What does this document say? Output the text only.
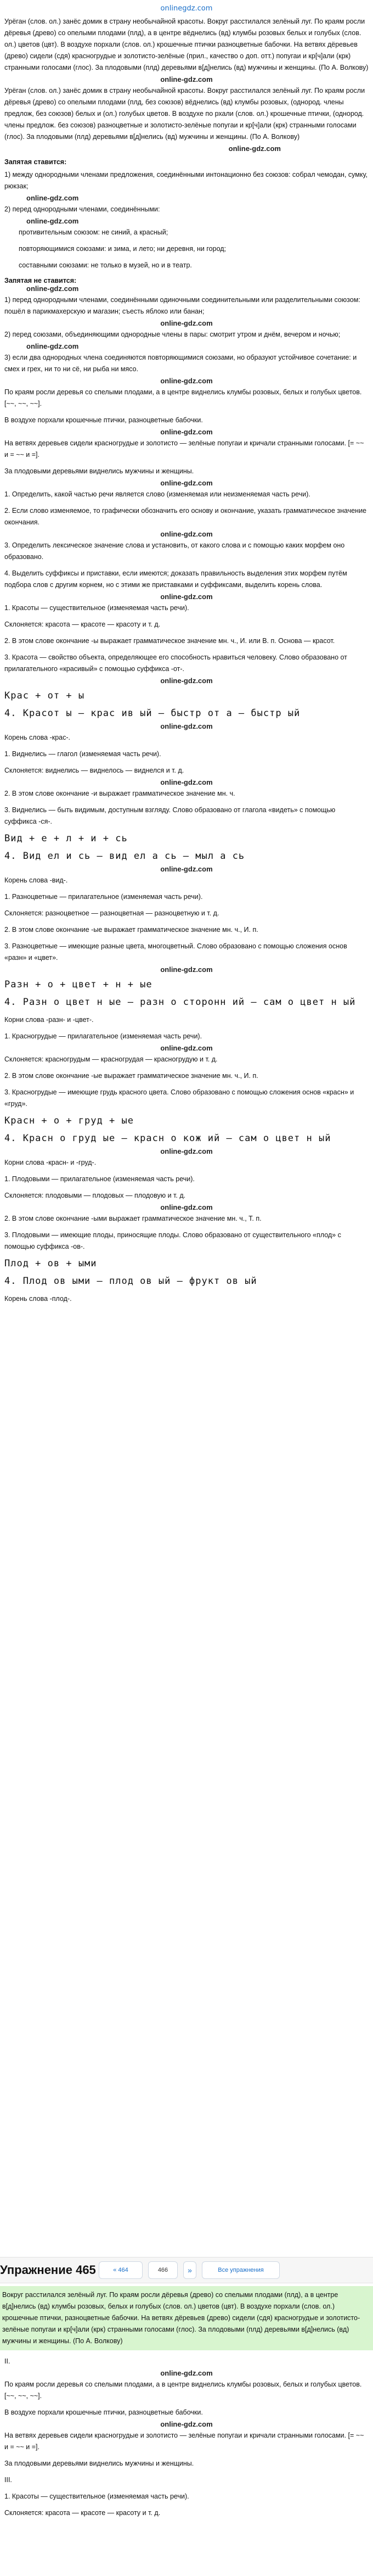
onlinegdz.com

Урёган (слов. ол.) занёс домик в страну необычайной красоты. Вокруг расстилался зелёный луг. По краям росли дёревья (древо) со опелыми плодами (плд), а в центре вёднелись (вд) клумбы розовых белых и голубых (слов. ол.) цветов (цвт). В воздухе порхали (слов. ол.) крошечные птички разноцветные бабочки. На ветвях дёревьев (древо) сидели (сдя) красногрудые и золотисто-зелёные (прил., качество о доп. отт.) попугаи и кр[ч]али (крк) странными голосами (глос). За плодовыми (плд) деревьями в[д]нелись (вд) мужчины и женщины. (По А. Волкову)

online-gdz.com

Урёган (слов. ол.) занёс домик в страну необычайной красоты. Вокруг расстилался зелёный луг. По краям росли дёревья (древо) со опелыми плодами (плд, без союзов) вёднелись (вд) клумбы розовых, (однород. члены предлож, без союзов) белых и (ол.) голубых цветов. В воздухе по рхали (слов. ол.) крошечные птички, (однород. члены предлож. без союзов) разноцветные и золотисто-зелёные попугаи и кр[ч]али (крк) странными голосами (глос). За плодовыми (плд) деревьями в[д]нелись (вд) мужчины и женщины. (По А. Волкову)

online-gdz.com
Запятая ставится:

1) между однородными членами предложения, соединёнными интонационно без союзов: собрал чемодан, сумку, рюкзак;

online-gdz.com

2) перед однородными членами, соединёнными:

online-gdz.com

противительным союзом: не синий, а красный;

повторяющимися союзами: и зима, и лето; ни деревня, ни город;

составными союзами: не только в музей, но и в театр.

Запятая не ставится:
online-gdz.com

1) перед однородными членами, соединёнными одиночными соединительными или разделительными союзом: пошёл в парикмахерскую и магазин; съесть яблоко или банан;

online-gdz.com

2) перед союзами, объединяющими однородные члены в пары: смотрит утром и днём, вечером и ночью;

online-gdz.com

3) если два однородных члена соединяются повторяющимися союзами, но образуют устойчивое сочетание: и смех и грех, ни то ни сё, ни рыба ни мясо.

online-gdz.com

По краям росли деревья со спелыми плодами, а в центре виднелись клумбы розовых, белых и голубых цветов. [~~, ~~, ~~].

В воздухе порхали крошечные птички, разноцветные бабочки.

online-gdz.com

На ветвях деревьев сидели красногрудые и золотисто — зелёные попугаи и кричали странными голосами. [= ~~ и = ~~ и =].

За плодовыми деревьями виднелись мужчины и женщины.

online-gdz.com

1. Определить, какой частью речи является слово (изменяемая или неизменяемая часть речи).

2. Если слово изменяемое, то графически обозначить его основу и окончание, указать грамматическое значение окончания.

online-gdz.com

3. Определить лексическое значение слова и установить, от какого слова и с помощью каких морфем оно образовано.

4. Выделить суффиксы и приставки, если имеются; доказать правильность выделения этих морфем путём подбора слов с другим корнем, но с этими же приставками и суффиксами, выделить корень слова.

online-gdz.com

1. Красоты — существительное (изменяемая часть речи).

Склоняется: красота — красоте — красоту и т. д.

2. В этом слове окончание -ы выражает грамматическое значение мн. ч., И. или В. п. Основа — красот.

3. Красота — свойство объекта, определяющее его способность нравиться человеку. Слово образовано от прилагательного «красивый» с помощью суффикса -от-.

online-gdz.com
Крас + от + ы
4. Красот ы — крас ив ый — быстр от а — быстр ый
online-gdz.com

Корень слова -крас-.

1. Виднелись — глагол (изменяемая часть речи).

Склоняется: виднелись — виднелось — виднелся и т. д.

online-gdz.com

2. В этом слове окончание -и выражает грамматическое значение мн. ч.

3. Виднелись — быть видимым, доступным взгляду. Слово образовано от глагола «видеть» с помощью суффикса -ся-.

Вид + е + л + и + сь
4. Вид ел и сь — вид ел а сь — мыл а сь
online-gdz.com

Корень слова -вид-.

1. Разноцветные — прилагательное (изменяемая часть речи).

Склоняется: разноцветное — разноцветная — разноцветную и т. д.

2. В этом слове окончание -ые выражает грамматическое значение мн. ч., И. п.

3. Разноцветные — имеющие разные цвета, многоцветный. Слово образовано с помощью сложения основ «разн» и «цвет».

online-gdz.com
Разн + о + цвет + н + ые
4. Разн о цвет н ые — разн о сторонн ий — сам о цвет н ый

Корни слова -разн- и -цвет-.

1. Красногрудые — прилагательное (изменяемая часть речи).

online-gdz.com

Склоняется: красногрудым — красногрудая — красногрудую и т. д.

2. В этом слове окончание -ые выражает грамматическое значение мн. ч., И. п.

3. Красногрудые — имеющие грудь красного цвета. Слово образовано с помощью сложения основ «красн» и «груд».

Красн + о + груд + ые
4. Красн о груд ые — красн о кож ий — сам о цвет н ый
online-gdz.com

Корни слова -красн- и -груд-.

1. Плодовыми — прилагательное (изменяемая часть речи).

Склоняется: плодовыми — плодовых — плодовую и т. д.

online-gdz.com

2. В этом слове окончание -ыми выражает грамматическое значение мн. ч., Т. п.

3. Плодовыми — имеющие плоды, приносящие плоды. Слово образовано от существительного «плод» с помощью суффикса -ов-.

Плод + ов + ыми
4. Плод ов ыми — плод ов ый — фрукт ов ый

Корень слова -плод-.

Упражнение 465	« 464	466	»	Все упражнения
Вокруг расстилался зелёный луг. По краям росли дёревья (древо) со спелыми плодами (плд), а в центре в[д]нелись (вд) клумбы розовых, белых и голубых (слов. ол.) цветов (цвт). В воздухе порхали (слов. ол.) крошечные птички, разноцветные бабочки. На ветвях дёревьев (древо) сидели (сдя) красногрудые и золотисто-зелёные попугаи и кр[ч]али (крк) странными голосами (глос). За плодовыми (плд) деревьями в[д]нелись (вд) мужчины и женщины. (По А. Волкову)

II.

online-gdz.com

По краям росли деревья со спелыми плодами, а в центре виднелись клумбы розовых, белых и голубых цветов. [~~, ~~, ~~].

В воздухе порхали крошечные птички, разноцветные бабочки.

online-gdz.com

На ветвях деревьев сидели красногрудые и золотисто — зелёные попугаи и кричали странными голосами. [= ~~ и = ~~ и =].

За плодовыми деревьями виднелись мужчины и женщины.

III.

1. Красоты — существительное (изменяемая часть речи).

Склоняется: красота — красоте — красоту и т. д.
